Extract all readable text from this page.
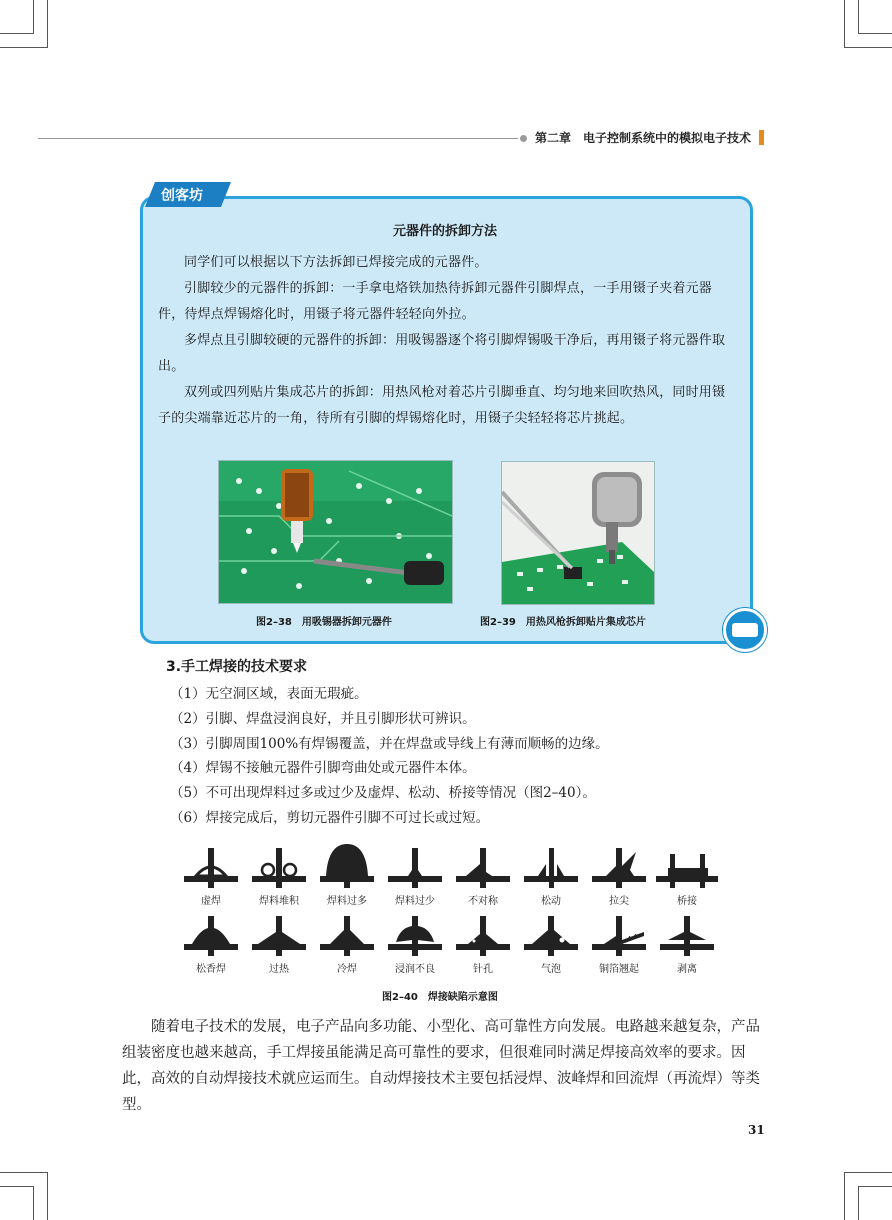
第二章　电子控制系统中的模拟电子技术
创客坊
元器件的拆卸方法

同学们可以根据以下方法拆卸已焊接完成的元器件。

引脚较少的元器件的拆卸：一手拿电烙铁加热待拆卸元器件引脚焊点，一手用镊子夹着元器件，待焊点焊锡熔化时，用镊子将元器件轻轻向外拉。

多焊点且引脚较硬的元器件的拆卸：用吸锡器逐个将引脚焊锡吸干净后，再用镊子将元器件取出。

双列或四列贴片集成芯片的拆卸：用热风枪对着芯片引脚垂直、均匀地来回吹热风，同时用镊子的尖端靠近芯片的一角，待所有引脚的焊锡熔化时，用镊子尖轻轻将芯片挑起。

图2–38　用吸锡器拆卸元器件	图2–39　用热风枪拆卸贴片集成芯片
3.手工焊接的技术要求
（1）无空洞区域，表面无瑕疵。
（2）引脚、焊盘浸润良好，并且引脚形状可辨识。
（3）引脚周围100%有焊锡覆盖，并在焊盘或导线上有薄而顺畅的边缘。
（4）焊锡不接触元器件引脚弯曲处或元器件本体。
（5）不可出现焊料过多或过少及虚焊、松动、桥接等情况（图2–40）。
（6）焊接完成后，剪切元器件引脚不可过长或过短。
虚焊	焊料堆积	焊料过多	焊料过少	不对称	松动	拉尖	桥接
松香焊	过热	冷焊	浸润不良	针孔	气泡	铜箔翘起	剥离
图2–40　焊接缺陷示意图

随着电子技术的发展，电子产品向多功能、小型化、高可靠性方向发展。电路越来越复杂，产品组装密度也越来越高，手工焊接虽能满足高可靠性的要求，但很难同时满足焊接高效率的要求。因此，高效的自动焊接技术就应运而生。自动焊接技术主要包括浸焊、波峰焊和回流焊（再流焊）等类型。

31
